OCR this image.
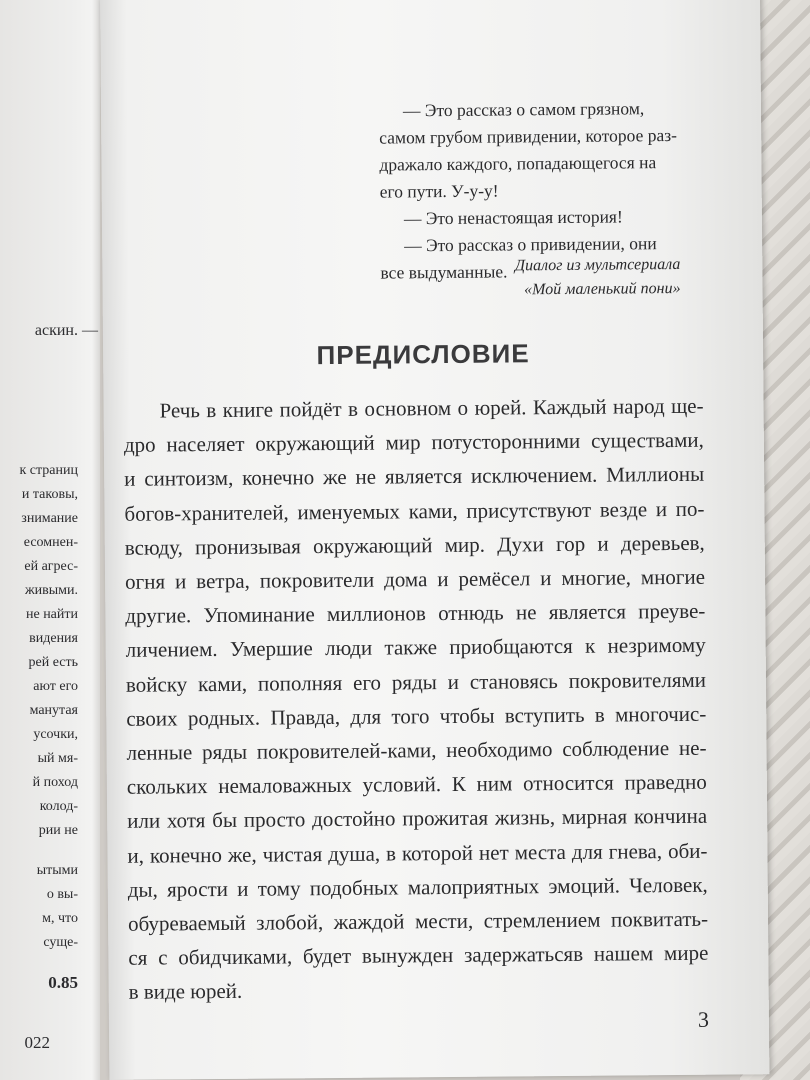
аскин. —
к страниц
и таковы,
знимание
есомнен-
ей агрес-
живыми.
не найти
видения
рей есть
ают его
манутая
усочки,
ый мя-
й поход
колод-
рии не
ытыми
о вы-
м, что
суще-
0.85
022

— Это рассказ о самом грязном,

самом грубом привидении, которое раз-

дражало каждого, попадающегося на

его пути. У-у-у!

— Это ненастоящая история!

— Это рассказ о привидении, они

все выдуманные. Диалог из мультсериала
«Мой маленький пони»
ПРЕДИСЛОВИЕ
Речь в книге пойдёт в основном о юрей. Каждый народ ще-
дро населяет окружающий мир потусторонними существами,
и синтоизм, конечно же не является исключением. Миллионы
богов-хранителей, именуемых ками, присутствуют везде и по-
всюду, пронизывая окружающий мир. Духи гор и деревьев,
огня и ветра, покровители дома и ремёсел и многие, многие
другие. Упоминание миллионов отнюдь не является преуве-
личением. Умершие люди также приобщаются к незримому
войску ками, пополняя его ряды и становясь покровителями
своих родных. Правда, для того чтобы вступить в многочис-
ленные ряды покровителей-ками, необходимо соблюдение не-
скольких немаловажных условий. К ним относится праведно
или хотя бы просто достойно прожитая жизнь, мирная кончина
и, конечно же, чистая душа, в которой нет места для гнева, оби-
ды, ярости и тому подобных малоприятных эмоций. Человек,
обуреваемый злобой, жаждой мести, стремлением поквитать-
ся с обидчиками, будет вынужден задержатьсяв нашем мире
в виде юрей.
3
